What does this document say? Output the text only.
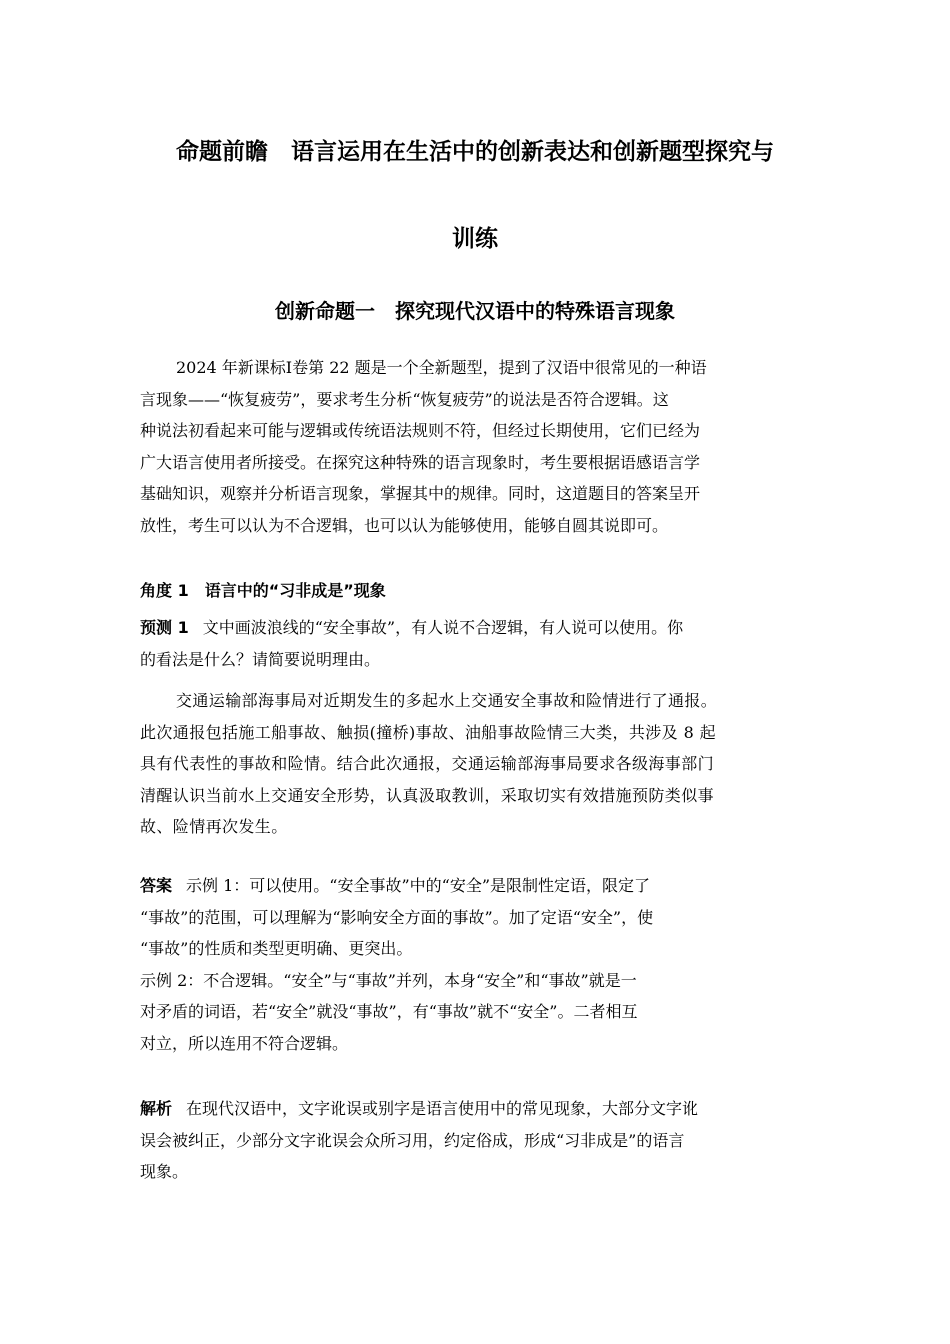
命题前瞻　语言运用在生活中的创新表达和创新题型探究与
训练
创新命题一　探究现代汉语中的特殊语言现象
2024 年新课标Ⅰ卷第 22 题是一个全新题型，提到了汉语中很常见的一种语
言现象——“恢复疲劳”，要求考生分析“恢复疲劳”的说法是否符合逻辑。这
种说法初看起来可能与逻辑或传统语法规则不符，但经过长期使用，它们已经为
广大语言使用者所接受。在探究这种特殊的语言现象时，考生要根据语感语言学
基础知识，观察并分析语言现象，掌握其中的规律。同时，这道题目的答案呈开
放性，考生可以认为不合逻辑，也可以认为能够使用，能够自圆其说即可。
角度 1　语言中的“习非成是”现象
预测 1 文中画波浪线的“安全事故”，有人说不合逻辑，有人说可以使用。你
的看法是什么？请简要说明理由。
交通运输部海事局对近期发生的多起水上交通安全事故和险情进行了通报。
此次通报包括施工船事故、触损(撞桥)事故、油船事故险情三大类，共涉及 8 起
具有代表性的事故和险情。结合此次通报，交通运输部海事局要求各级海事部门
清醒认识当前水上交通安全形势，认真汲取教训，采取切实有效措施预防类似事
故、险情再次发生。
答案 示例 1：可以使用。“安全事故”中的“安全”是限制性定语，限定了
“事故”的范围，可以理解为“影响安全方面的事故”。加了定语“安全”，使
“事故”的性质和类型更明确、更突出。
示例 2：不合逻辑。“安全”与“事故”并列，本身“安全”和“事故”就是一
对矛盾的词语，若“安全”就没“事故”，有“事故”就不“安全”。二者相互
对立，所以连用不符合逻辑。
解析 在现代汉语中，文字讹误或别字是语言使用中的常见现象，大部分文字讹
误会被纠正，少部分文字讹误会众所习用，约定俗成，形成“习非成是”的语言
现象。
